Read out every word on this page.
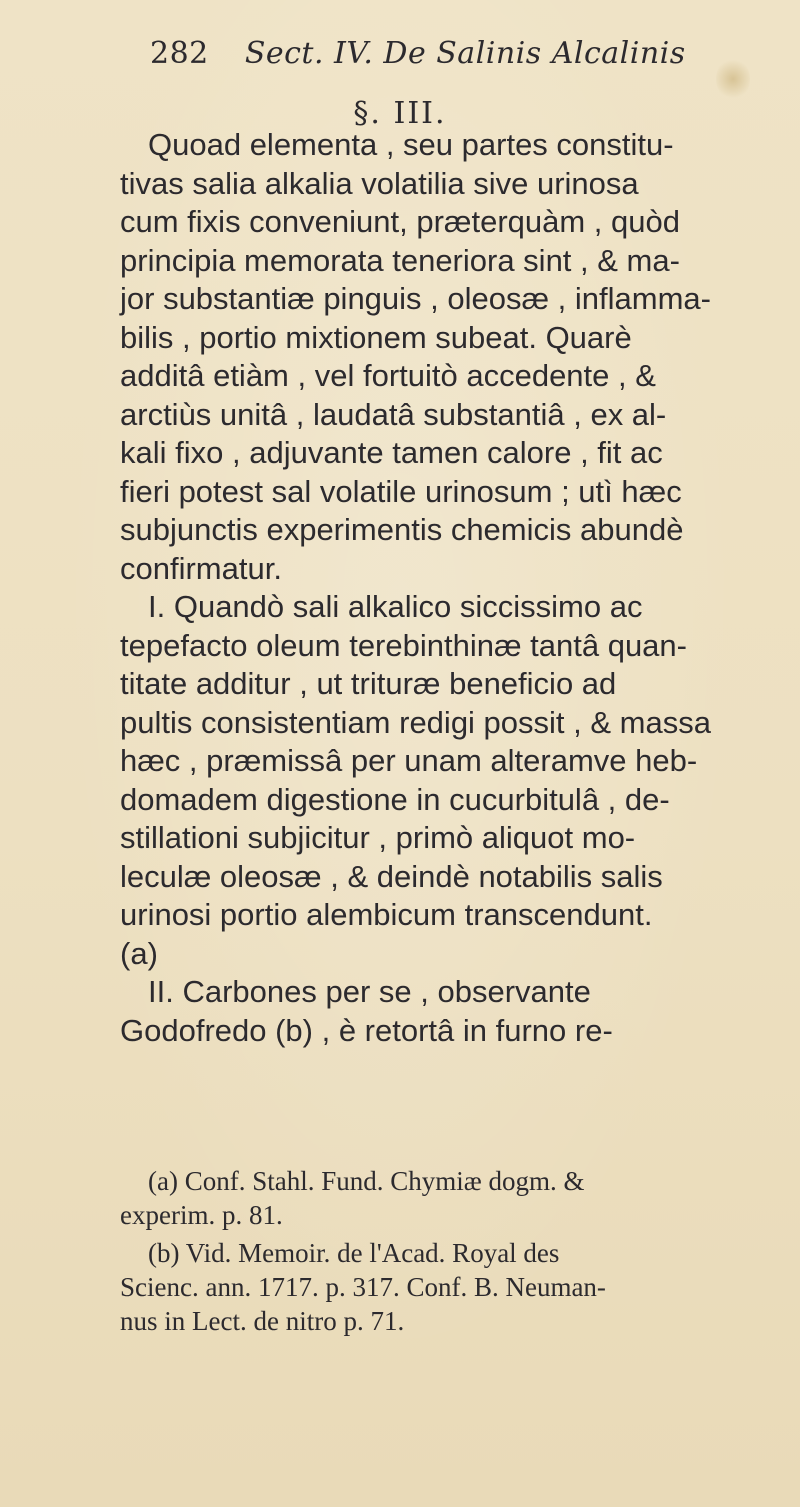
282 Sect. IV. De Salinis Alcalinis
§. III.
Quoad elementa , seu partes constitu-
tivas salia alkalia volatilia sive urinosa
cum fixis conveniunt, præterquàm , quòd
principia memorata teneriora sint , & ma-
jor substantiæ pinguis , oleosæ , inflamma-
bilis , portio mixtionem subeat. Quarè
additâ etiàm , vel fortuitò accedente , &
arctiùs unitâ , laudatâ substantiâ , ex al-
kali fixo , adjuvante tamen calore , fit ac
fieri potest sal volatile urinosum ; utì hæc
subjunctis experimentis chemicis abundè
confirmatur.
I. Quandò sali alkalico siccissimo ac
tepefacto oleum terebinthinæ tantâ quan-
titate additur , ut trituræ beneficio ad
pultis consistentiam redigi possit , & massa
hæc , præmissâ per unam alteramve heb-
domadem digestione in cucurbitulâ , de-
stillationi subjicitur , primò aliquot mo-
leculæ oleosæ , & deindè notabilis salis
urinosi portio alembicum transcendunt.
(a)
II. Carbones per se , observante
Godofredo (b) , è retortâ in furno re-
(a) Conf. Stahl. Fund. Chymiæ dogm. &
experim. p. 81.
(b) Vid. Memoir. de l'Acad. Royal des
Scienc. ann. 1717. p. 317. Conf. B. Neuman-
nus in Lect. de nitro p. 71.
